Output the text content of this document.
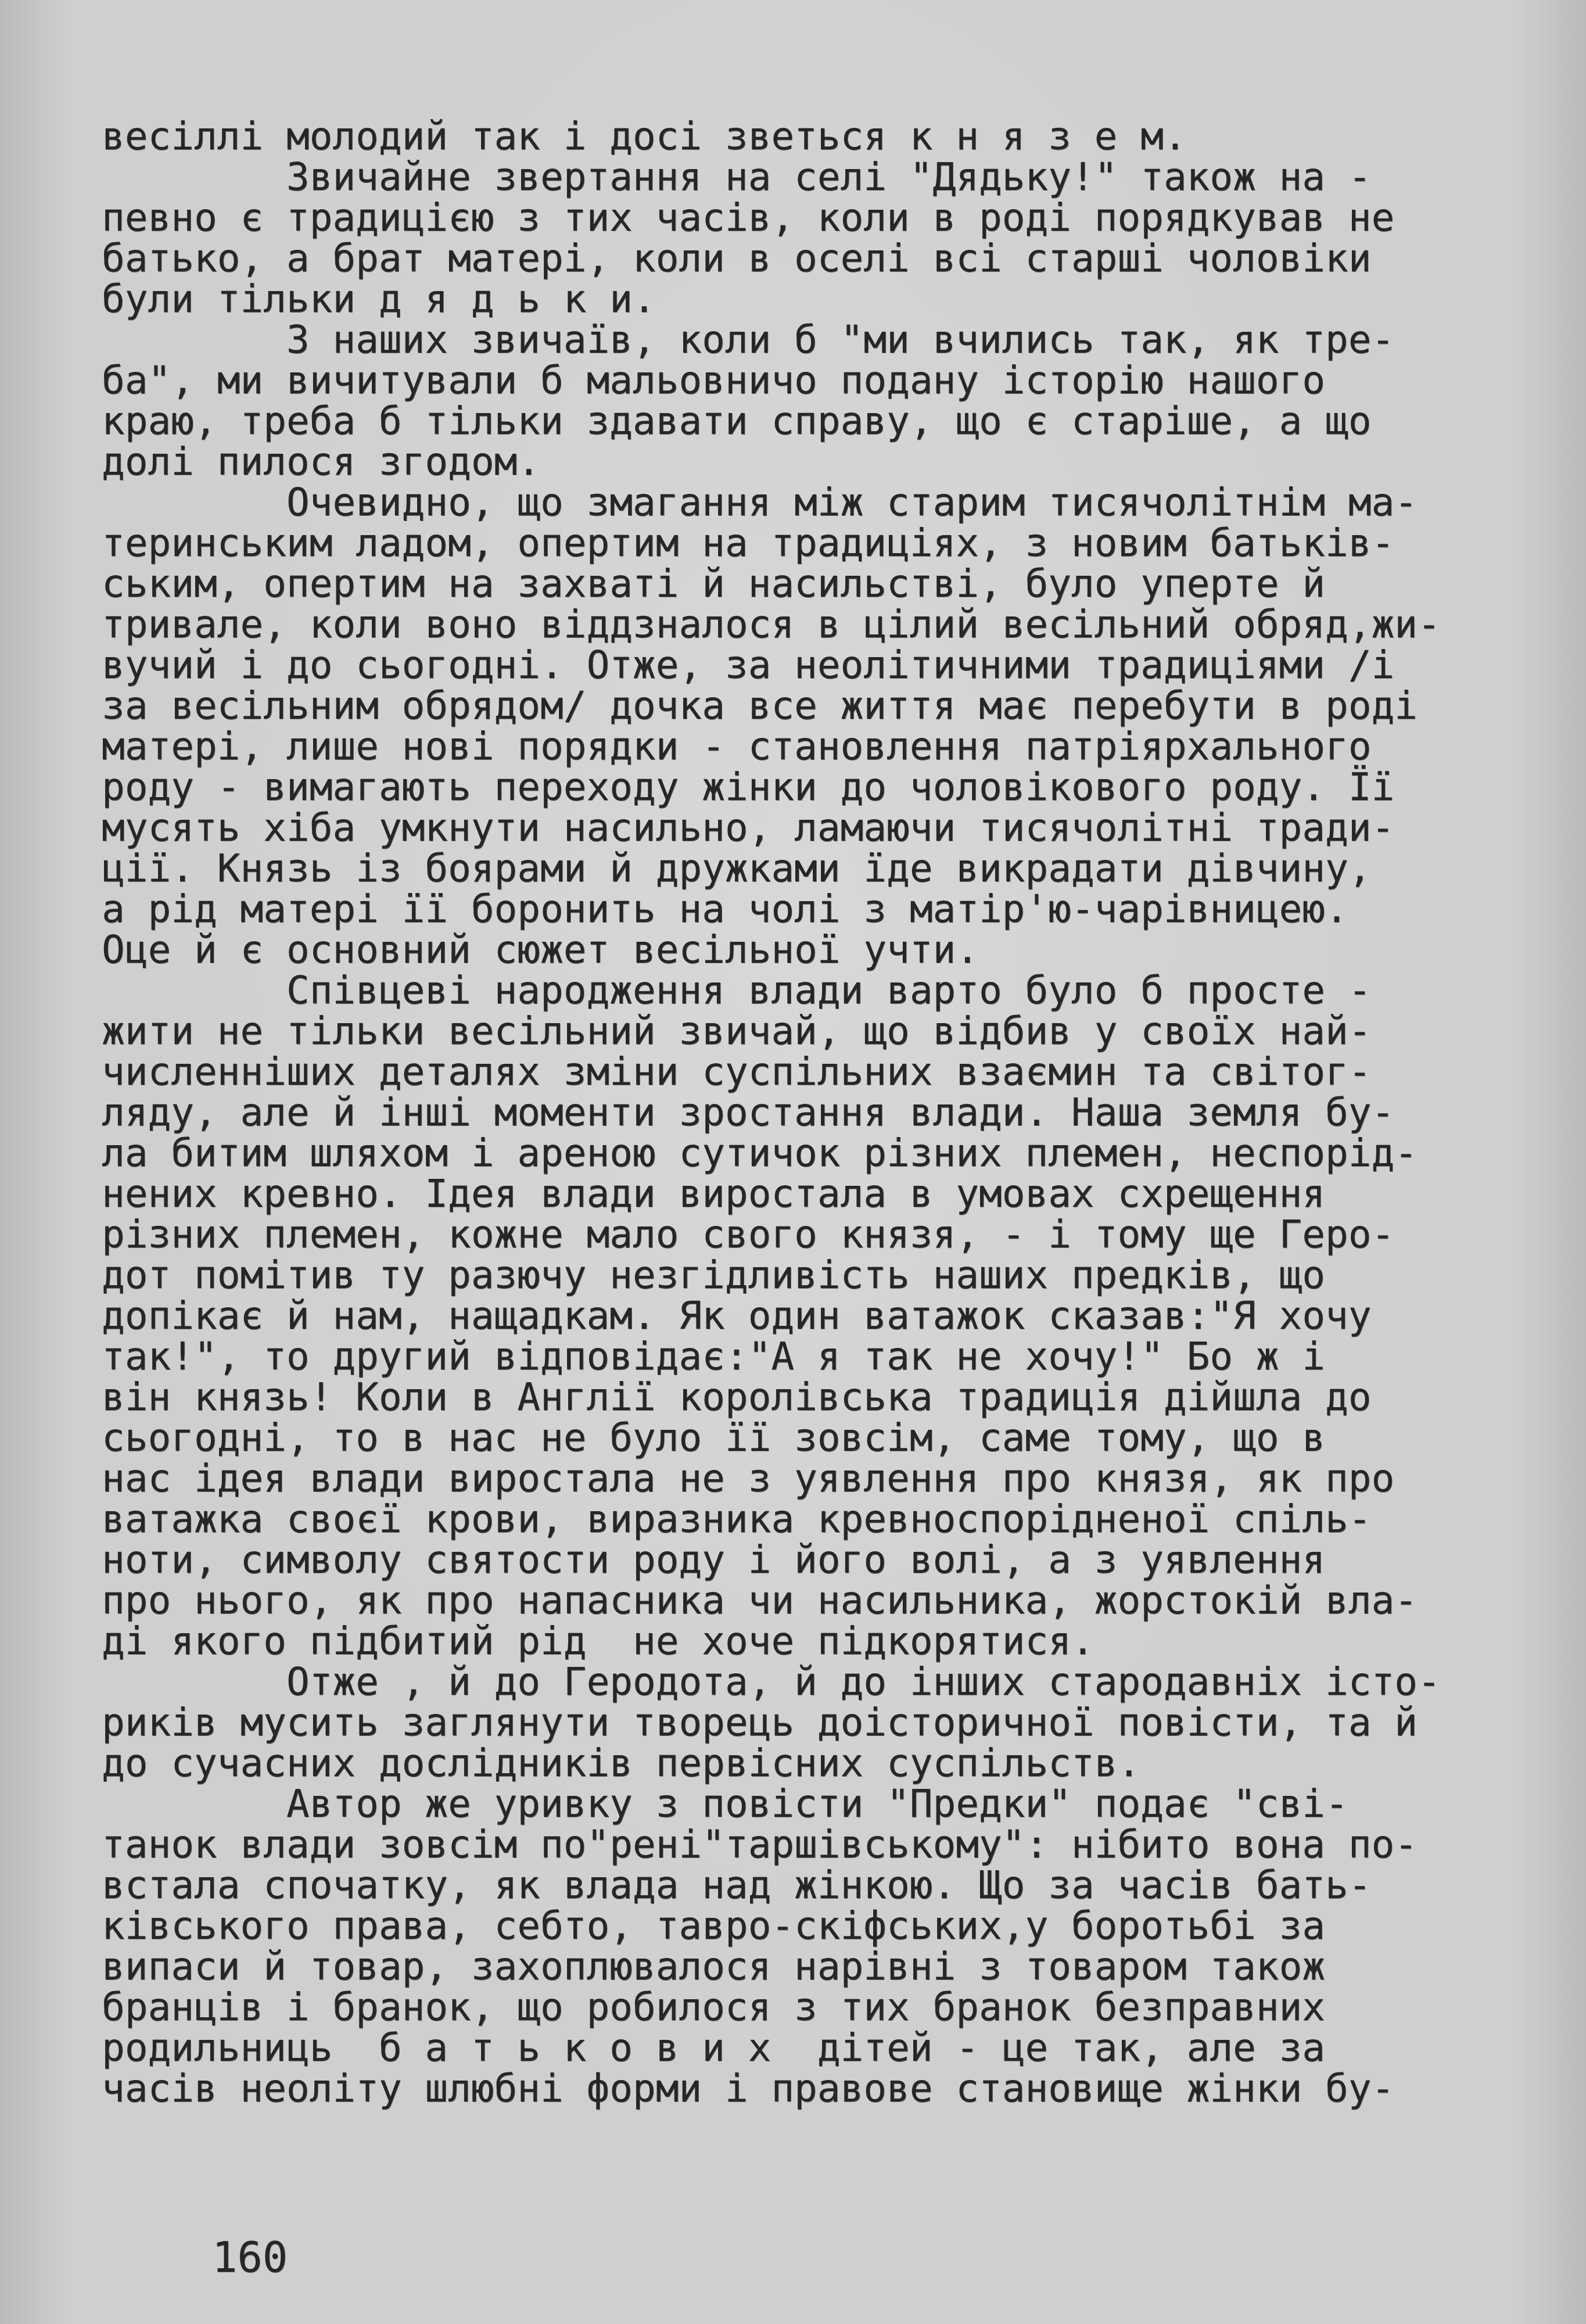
весіллі молодий так і досі зветься к н я з е м.
Звичайне звертання на селі "Дядьку!" також на -
певно є традицією з тих часів, коли в роді порядкував не
батько, а брат матері, коли в оселі всі старші чоловіки
були тільки д я д ь к и.
З наших звичаїв, коли б "ми вчились так, як тре-
ба", ми вичитували б мальовничо подану історію нашого
краю, треба б тільки здавати справу, що є старіше, а що
долі пилося згодом.
Очевидно, що змагання між старим тисячолітнім ма-
теринським ладом, опертим на традиціях, з новим батьків-
ським, опертим на захваті й насильстві, було уперте й
тривале, коли воно віддзналося в цілий весільний обряд,жи-
вучий і до сьогодні. Отже, за неолітичними традиціями /і
за весільним обрядом/ дочка все життя має перебути в роді
матері, лише нові порядки - становлення патріярхального
роду - вимагають переходу жінки до чоловікового роду. Її
мусять хіба умкнути насильно, ламаючи тисячолітні тради-
ції. Князь із боярами й дружками їде викрадати дівчину,
а рід матері її боронить на чолі з матір'ю-чарівницею.
Оце й є основний сюжет весільної учти.
Співцеві народження влади варто було б просте -
жити не тільки весільний звичай, що відбив у своїх най-
численніших деталях зміни суспільних взаємин та світог-
ляду, але й інші моменти зростання влади. Наша земля бу-
ла битим шляхом і ареною сутичок різних племен, неспорід-
нених кревно. Ідея влади виростала в умовах схрещення
різних племен, кожне мало свого князя, - і тому ще Геро-
дот помітив ту разючу незгідливість наших предків, що
допікає й нам, нащадкам. Як один ватажок сказав:"Я хочу
так!", то другий відповідає:"А я так не хочу!" Бо ж і
він князь! Коли в Англії королівська традиція дійшла до
сьогодні, то в нас не було її зовсім, саме тому, що в
нас ідея влади виростала не з уявлення про князя, як про
ватажка своєї крови, виразника кревноспорідненої спіль-
ноти, символу святости роду і його волі, а з уявлення
про нього, як про напасника чи насильника, жорстокій вла-
ді якого підбитий рід  не хоче підкорятися.
Отже , й до Геродота, й до інших стародавніх істо-
риків мусить заглянути творець доісторичної повісти, та й
до сучасних дослідників первісних суспільств.
Автор же уривку з повісти "Предки" подає "сві-
танок влади зовсім по"рені"таршівському": нібито вона по-
встала спочатку, як влада над жінкою. Що за часів бать-
ківського права, себто, тавро-скіфських,у боротьбі за
випаси й товар, захоплювалося нарівні з товаром також
бранців і бранок, що робилося з тих бранок безправних
родильниць  б а т ь к о в и х  дітей - це так, але за
часів неоліту шлюбні форми і правове становище жінки бу-
160
